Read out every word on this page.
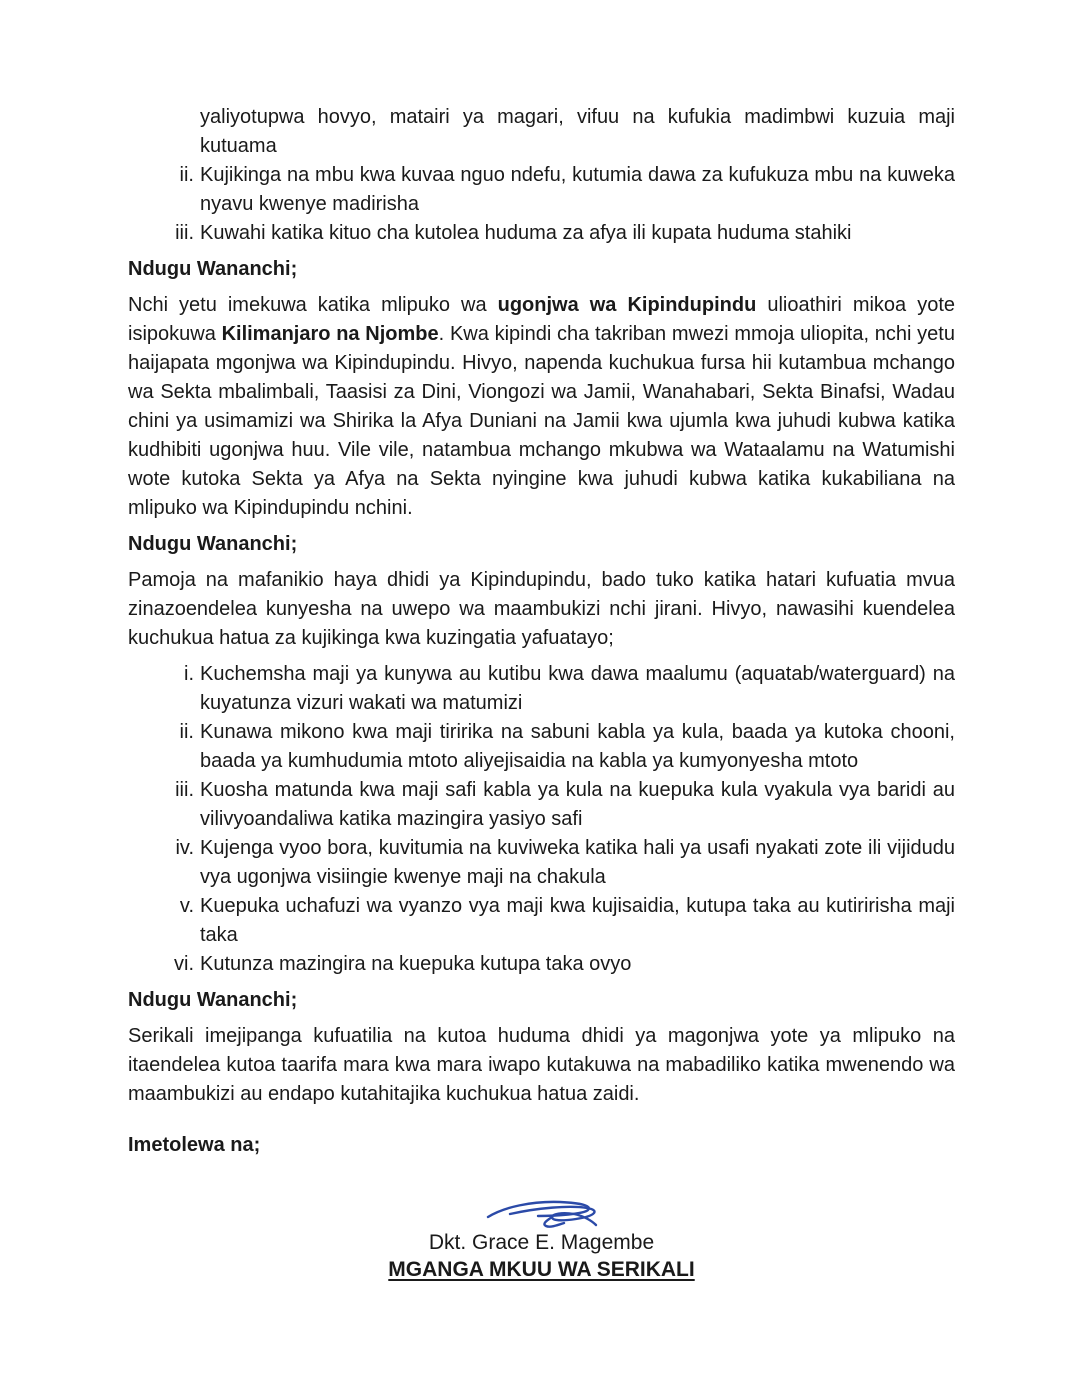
yaliyotupwa hovyo, matairi ya magari, vifuu na kufukia madimbwi kuzuia maji kutuama
ii. Kujikinga na mbu kwa kuvaa nguo ndefu, kutumia dawa za kufukuza mbu na kuweka nyavu kwenye madirisha
iii. Kuwahi katika kituo cha kutolea huduma za afya ili kupata huduma stahiki
Ndugu Wananchi;
Nchi yetu imekuwa katika mlipuko wa ugonjwa wa Kipindupindu ulioathiri mikoa yote isipokuwa Kilimanjaro na Njombe. Kwa kipindi cha takriban mwezi mmoja uliopita, nchi yetu haijapata mgonjwa wa Kipindupindu. Hivyo, napenda kuchukua fursa hii kutambua mchango wa Sekta mbalimbali, Taasisi za Dini, Viongozi wa Jamii, Wanahabari, Sekta Binafsi, Wadau chini ya usimamizi wa Shirika la Afya Duniani na Jamii kwa ujumla kwa juhudi kubwa katika kudhibiti ugonjwa huu. Vile vile, natambua mchango mkubwa wa Wataalamu na Watumishi wote kutoka Sekta ya Afya na Sekta nyingine kwa juhudi kubwa katika kukabiliana na mlipuko wa Kipindupindu nchini.
Ndugu Wananchi;
Pamoja na mafanikio haya dhidi ya Kipindupindu, bado tuko katika hatari kufuatia mvua zinazoendelea kunyesha na uwepo wa maambukizi nchi jirani. Hivyo, nawasihi kuendelea kuchukua hatua za kujikinga kwa kuzingatia yafuatayo;
i. Kuchemsha maji ya kunywa au kutibu kwa dawa maalumu (aquatab/waterguard) na kuyatunza vizuri wakati wa matumizi
ii. Kunawa mikono kwa maji tiririka na sabuni kabla ya kula, baada ya kutoka chooni, baada ya kumhudumia mtoto aliyejisaidia na kabla ya kumyonyesha mtoto
iii. Kuosha matunda kwa maji safi kabla ya kula na kuepuka kula vyakula vya baridi au vilivyoandaliwa katika mazingira yasiyo safi
iv. Kujenga vyoo bora, kuvitumia na kuviweka katika hali ya usafi nyakati zote ili vijidudu vya ugonjwa visiingie kwenye maji na chakula
v. Kuepuka uchafuzi wa vyanzo vya maji kwa kujisaidia, kutupa taka au kutiririsha maji taka
vi. Kutunza mazingira na kuepuka kutupa taka ovyo
Ndugu Wananchi;
Serikali imejipanga kufuatilia na kutoa huduma dhidi ya magonjwa yote ya mlipuko na itaendelea kutoa taarifa mara kwa mara iwapo kutakuwa na mabadiliko katika mwenendo wa maambukizi au endapo kutahitajika kuchukua hatua zaidi.
Imetolewa na;
Dkt. Grace E. Magembe
MGANGA MKUU WA SERIKALI
